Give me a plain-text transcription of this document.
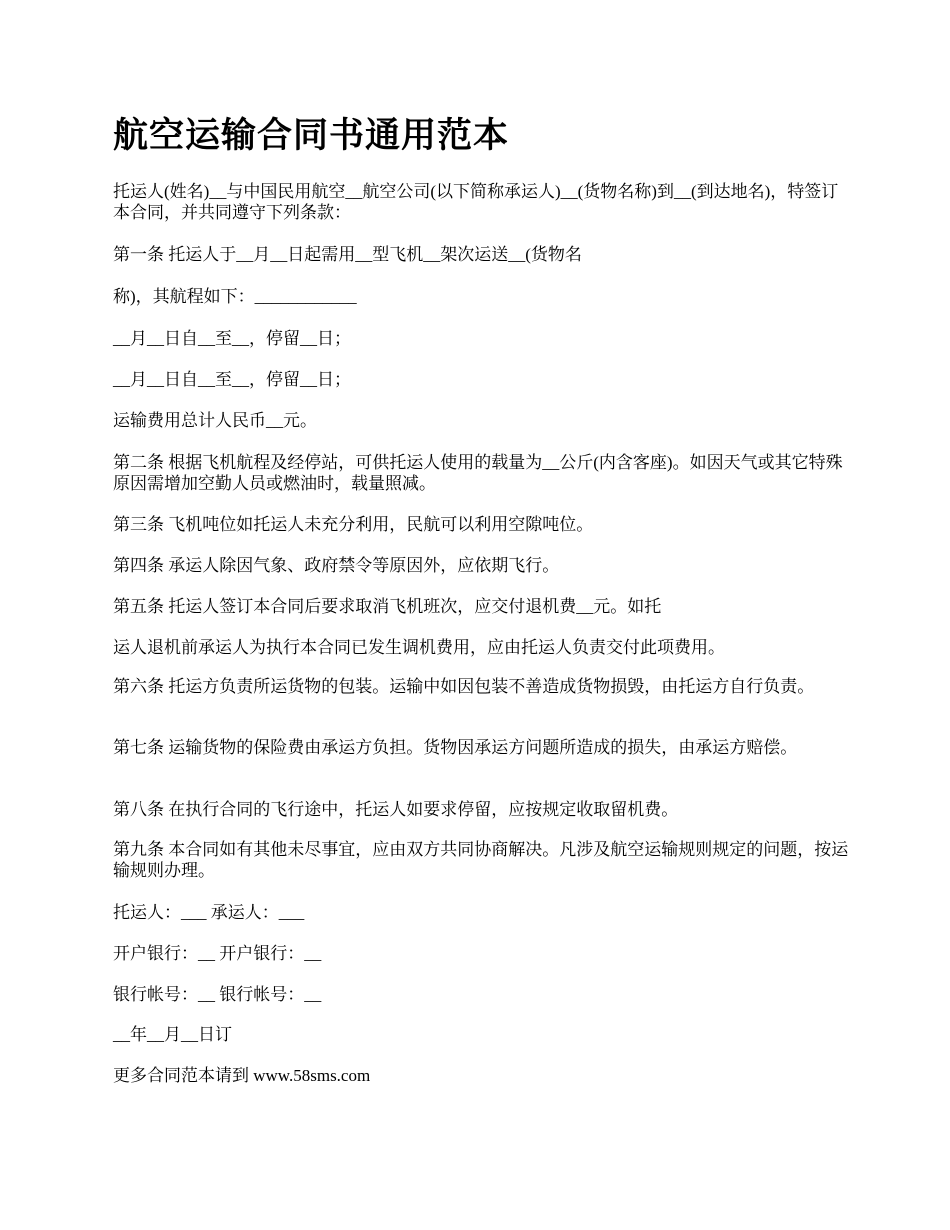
航空运输合同书通用范本

托运人(姓名)__与中国民用航空__航空公司(以下简称承运人)__(货物名称)到__(到达地名)，特签订本合同，并共同遵守下列条款：

第一条 托运人于__月__日起需用__型飞机__架次运送__(货物名

称)，其航程如下：____________

__月__日自__至__，停留__日；

__月__日自__至__，停留__日；

运输费用总计人民币__元。

第二条 根据飞机航程及经停站，可供托运人使用的载量为__公斤(内含客座)。如因天气或其它特殊原因需增加空勤人员或燃油时，载量照减。

第三条 飞机吨位如托运人未充分利用，民航可以利用空隙吨位。

第四条 承运人除因气象、政府禁令等原因外，应依期飞行。

第五条 托运人签订本合同后要求取消飞机班次，应交付退机费__元。如托

运人退机前承运人为执行本合同已发生调机费用，应由托运人负责交付此项费用。

第六条 托运方负责所运货物的包装。运输中如因包装不善造成货物损毁，由托运方自行负责。

第七条 运输货物的保险费由承运方负担。货物因承运方问题所造成的损失，由承运方赔偿。

第八条 在执行合同的飞行途中，托运人如要求停留，应按规定收取留机费。

第九条 本合同如有其他未尽事宜，应由双方共同协商解决。凡涉及航空运输规则规定的问题，按运输规则办理。

托运人：___ 承运人：___

开户银行：__ 开户银行：__

银行帐号：__ 银行帐号：__

__年__月__日订

更多合同范本请到 www.58sms.com
